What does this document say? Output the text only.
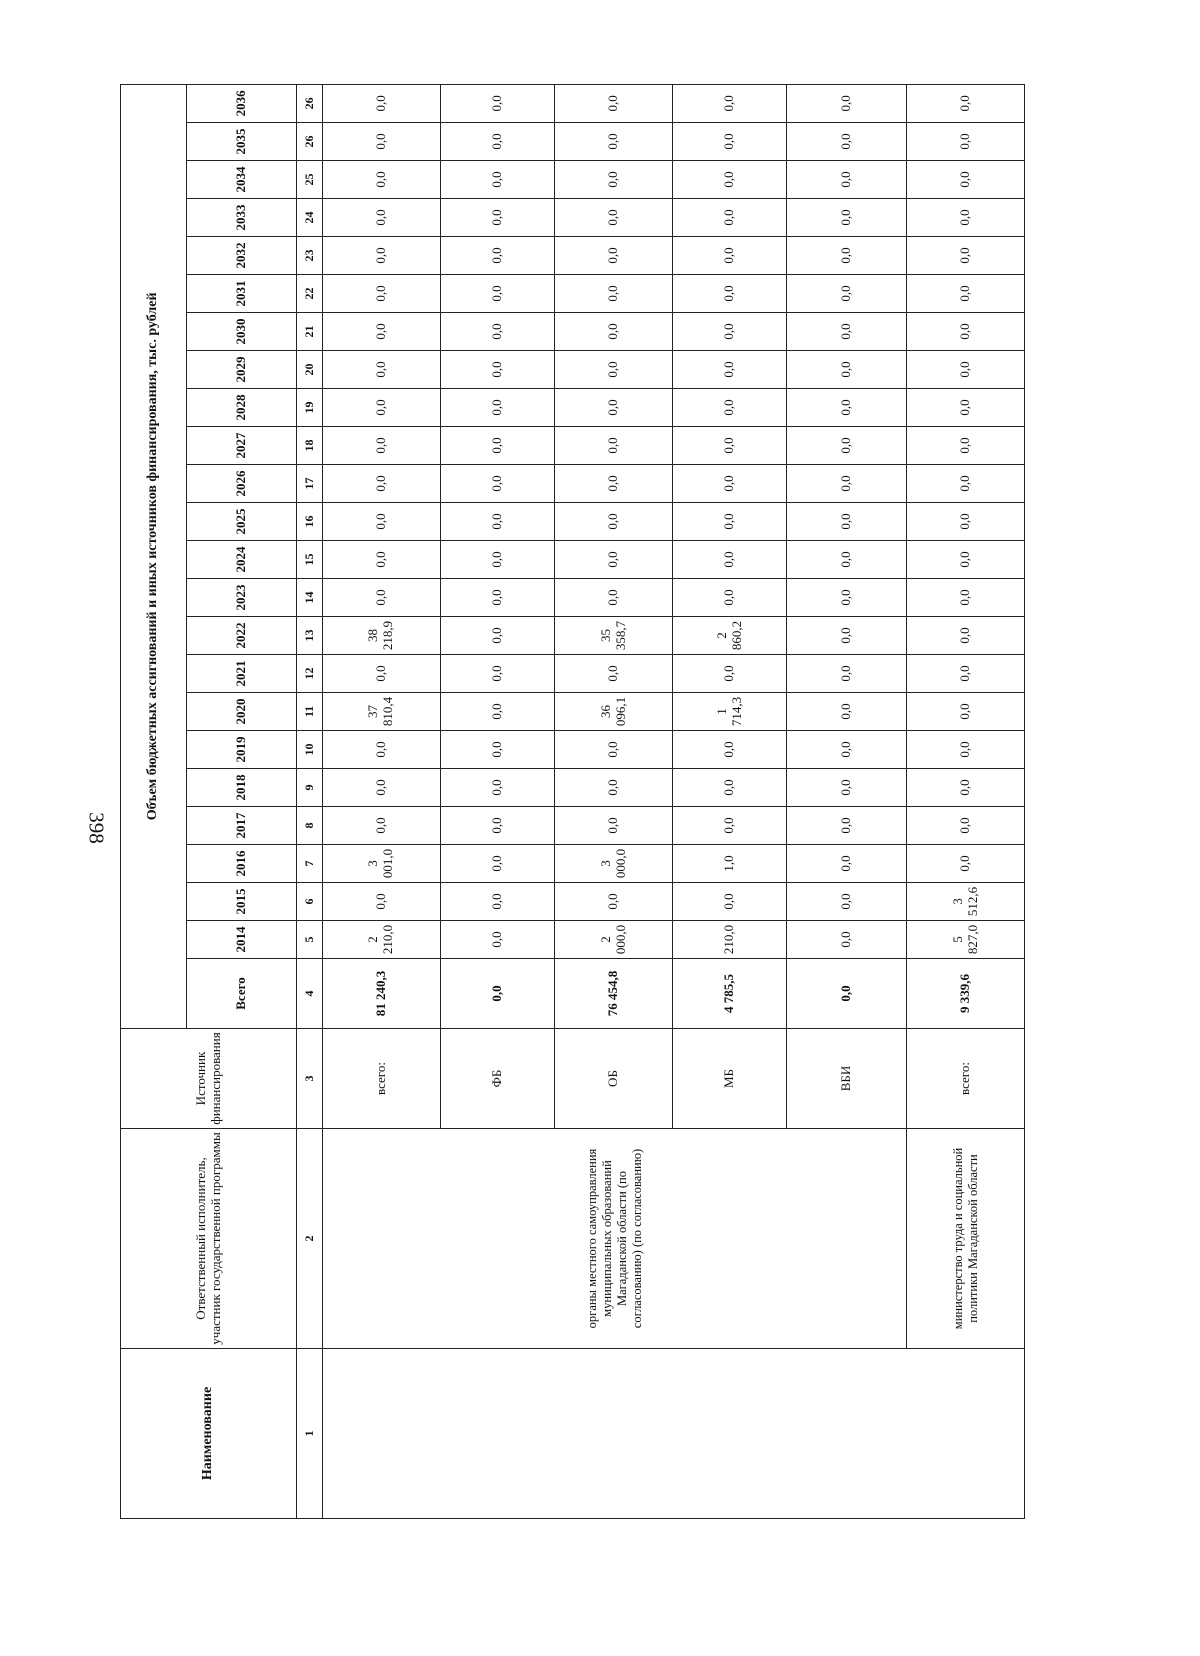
398
Наименование	Ответственный исполнитель, участник государственной программы	Источник финансирования	Объем бюджетных ассигнований и иных источников финансирования, тыс. рублей																							
			Всего	2014	2015	2016	2017	2018	2019	2020	2021	2022	2023	2024	2025	2026	2027	2028	2029	2030	2031	2032	2033	2034	2035	2036
1	2	3	4	5	6	7	8	9	10	11	12	13	14	15	16	17	18	19	20	21	22	23	24	25	26	26
	органы местного самоуправления муниципальных образований Магаданской области (по согласованию) (по согласованию)	всего:	81 240,3	2 210,0	0,0	3 001,0	0,0	0,0	0,0	37 810,4	0,0	38 218,9	0,0	0,0	0,0	0,0	0,0	0,0	0,0	0,0	0,0	0,0	0,0	0,0	0,0	0,0
		ФБ	0,0	0,0	0,0	0,0	0,0	0,0	0,0	0,0	0,0	0,0	0,0	0,0	0,0	0,0	0,0	0,0	0,0	0,0	0,0	0,0	0,0	0,0	0,0	0,0
		ОБ	76 454,8	2 000,0	0,0	3 000,0	0,0	0,0	0,0	36 096,1	0,0	35 358,7	0,0	0,0	0,0	0,0	0,0	0,0	0,0	0,0	0,0	0,0	0,0	0,0	0,0	0,0
		МБ	4 785,5	210,0	0,0	1,0	0,0	0,0	0,0	1 714,3	0,0	2 860,2	0,0	0,0	0,0	0,0	0,0	0,0	0,0	0,0	0,0	0,0	0,0	0,0	0,0	0,0
		ВБИ	0,0	0,0	0,0	0,0	0,0	0,0	0,0	0,0	0,0	0,0	0,0	0,0	0,0	0,0	0,0	0,0	0,0	0,0	0,0	0,0	0,0	0,0	0,0	0,0
	министерство труда и социальной политики Магаданской области	всего:	9 339,6	5 827,0	3 512,6	0,0	0,0	0,0	0,0	0,0	0,0	0,0	0,0	0,0	0,0	0,0	0,0	0,0	0,0	0,0	0,0	0,0	0,0	0,0	0,0	0,0
